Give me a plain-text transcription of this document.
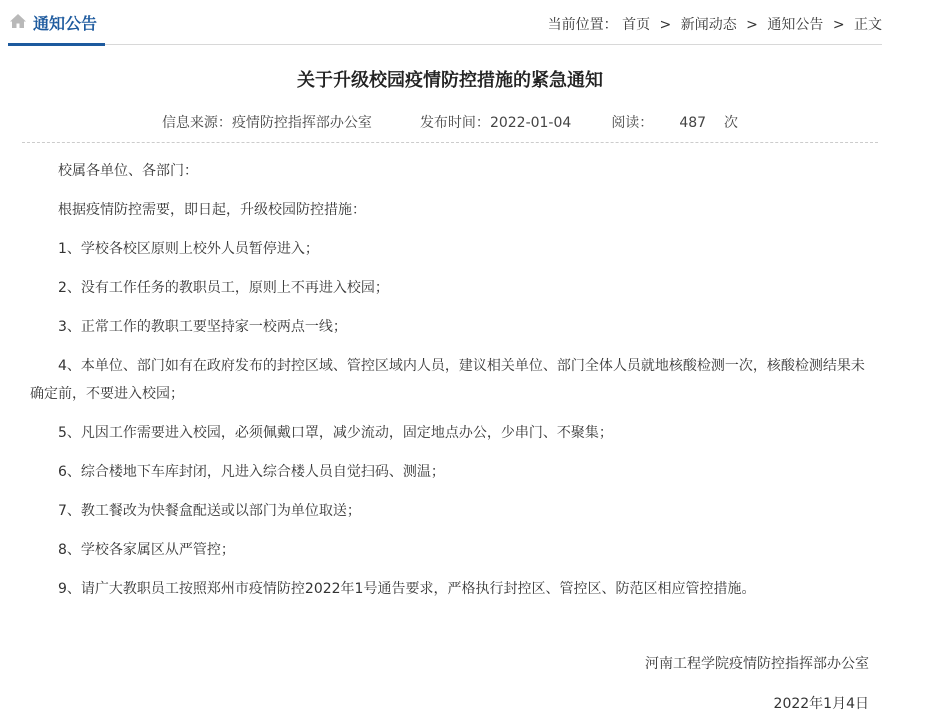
通知公告	当前位置： 首页 > 新闻动态 > 通知公告 > 正文
关于升级校园疫情防控措施的紧急通知
信息来源：疫情防控指挥部办公室	发布时间：2022-01-04	阅读： 487 次

校属各单位、各部门：

根据疫情防控需要，即日起，升级校园防控措施：

1、学校各校区原则上校外人员暂停进入；

2、没有工作任务的教职员工，原则上不再进入校园；

3、正常工作的教职工要坚持家一校两点一线；

4、本单位、部门如有在政府发布的封控区域、管控区域内人员，建议相关单位、部门全体人员就地核酸检测一次，核酸检测结果未确定前，不要进入校园；

5、凡因工作需要进入校园，必须佩戴口罩，减少流动，固定地点办公，少串门、不聚集；

6、综合楼地下车库封闭，凡进入综合楼人员自觉扫码、测温；

7、教工餐改为快餐盒配送或以部门为单位取送；

8、学校各家属区从严管控；

9、请广大教职员工按照郑州市疫情防控2022年1号通告要求，严格执行封控区、管控区、防范区相应管控措施。

河南工程学院疫情防控指挥部办公室
2022年1月4日
